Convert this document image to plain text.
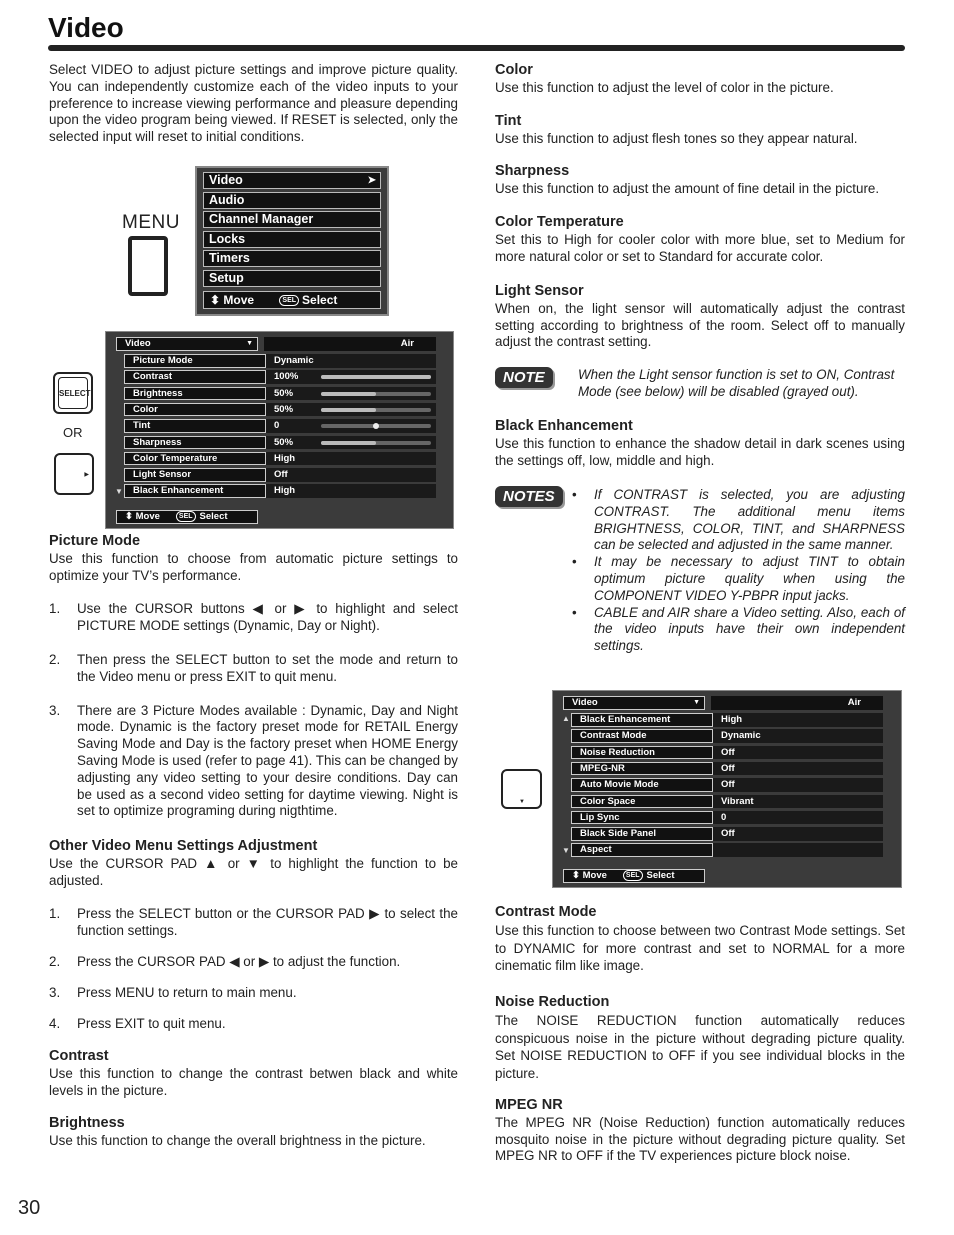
Video

Select VIDEO to adjust picture settings and improve picture quality. You can independently customize each of the video inputs to your preference to increase viewing performance and pleasure depending upon the video program being viewed. If RESET is selected, only the selected input will reset to initial conditions.

MENU
Video	➤
Audio
Channel Manager
Locks
Timers
Setup
⬍ Move	SEL Select
SELECT
OR
▶
▼
Video	▼	Air
Picture Mode	Dynamic
Contrast	100%
Brightness	50%
Color	50%
Tint	0
Sharpness	50%
Color Temperature	High
Light Sensor	Off
Black Enhancement	High
▼
⬍ Move	SEL Select
Video	▼	Air
Black Enhancement	High
Contrast Mode	Dynamic
Noise Reduction	Off
MPEG-NR	Off
Auto Movie Mode	Off
Color Space	Vibrant
Lip Sync	0
Black Side Panel	Off
Aspect
▼
▲
⬍ Move	SEL Select
Picture Mode

Use this function to choose from automatic picture settings to optimize your TV’s performance.

1. Use the CURSOR buttons ◀ or ▶ to highlight and select PICTURE MODE settings (Dynamic, Day or Night).
2. Then press the SELECT button to set the mode and return to the Video menu or press EXIT to quit menu.
3. There are 3 Picture Modes available : Dynamic, Day and Night mode. Dynamic is the factory preset mode for RETAIL Energy Saving Mode and Day is the factory preset when HOME Energy Saving Mode is used (refer to page 41). This can be changed by adjusting any video setting to your desire conditions. Day can be used as a second video setting for daytime viewing. Night is set to optimize programing during nigthtime.
Other Video Menu Settings Adjustment

Use the CURSOR PAD ▲ or ▼ to highlight the function to be adjusted.

1. Press the SELECT button or the CURSOR PAD ▶ to select the function settings.
2. Press the CURSOR PAD ◀ or ▶ to adjust the function.
3. Press MENU to return to main menu.
4. Press EXIT to quit menu.
Contrast

Use this function to change the contrast betwen black and white levels in the picture.

Brightness

Use this function to change the overall brightness in the picture.

Color

Use this function to adjust the level of color in the picture.

Tint

Use this function to adjust flesh tones so they appear natural.

Sharpness

Use this function to adjust the amount of fine detail in the picture.

Color Temperature

Set this to High for cooler color with more blue, set to Medium for more natural color or set to Standard for accurate color.

Light Sensor

When on, the light sensor will automatically adjust the contrast setting according to brightness of the room. Select off to manually adjust the contrast setting.

NOTE	When the Light sensor function is set to ON, Contrast Mode (see below) will be disabled (grayed out).
Black Enhancement

Use this function to enhance the shadow detail in dark scenes using the settings off, low, middle and high.

NOTES	• If CONTRAST is selected, you are adjusting CONTRAST. The additional menu items BRIGHTNESS, COLOR, TINT, and SHARPNESS can be selected and adjusted in the same manner.
• It may be necessary to adjust TINT to obtain optimum picture quality when using the COMPONENT VIDEO Y-PBPR input jacks.
• CABLE and AIR share a Video setting. Also, each of the video inputs have their own independent settings.
Contrast Mode

Use this function to choose between two Contrast Mode settings. Set to DYNAMIC for more contrast and set to NORMAL for a more cinematic film like image.

Noise Reduction

The NOISE REDUCTION function automatically reduces conspicuous noise in the picture without degrading picture quality. Set NOISE REDUCTION to OFF if you see individual blocks in the picture.

MPEG NR

The MPEG NR (Noise Reduction) function automatically reduces mosquito noise in the picture without degrading picture quality. Set MPEG NR to OFF if the TV experiences picture block noise.

30
